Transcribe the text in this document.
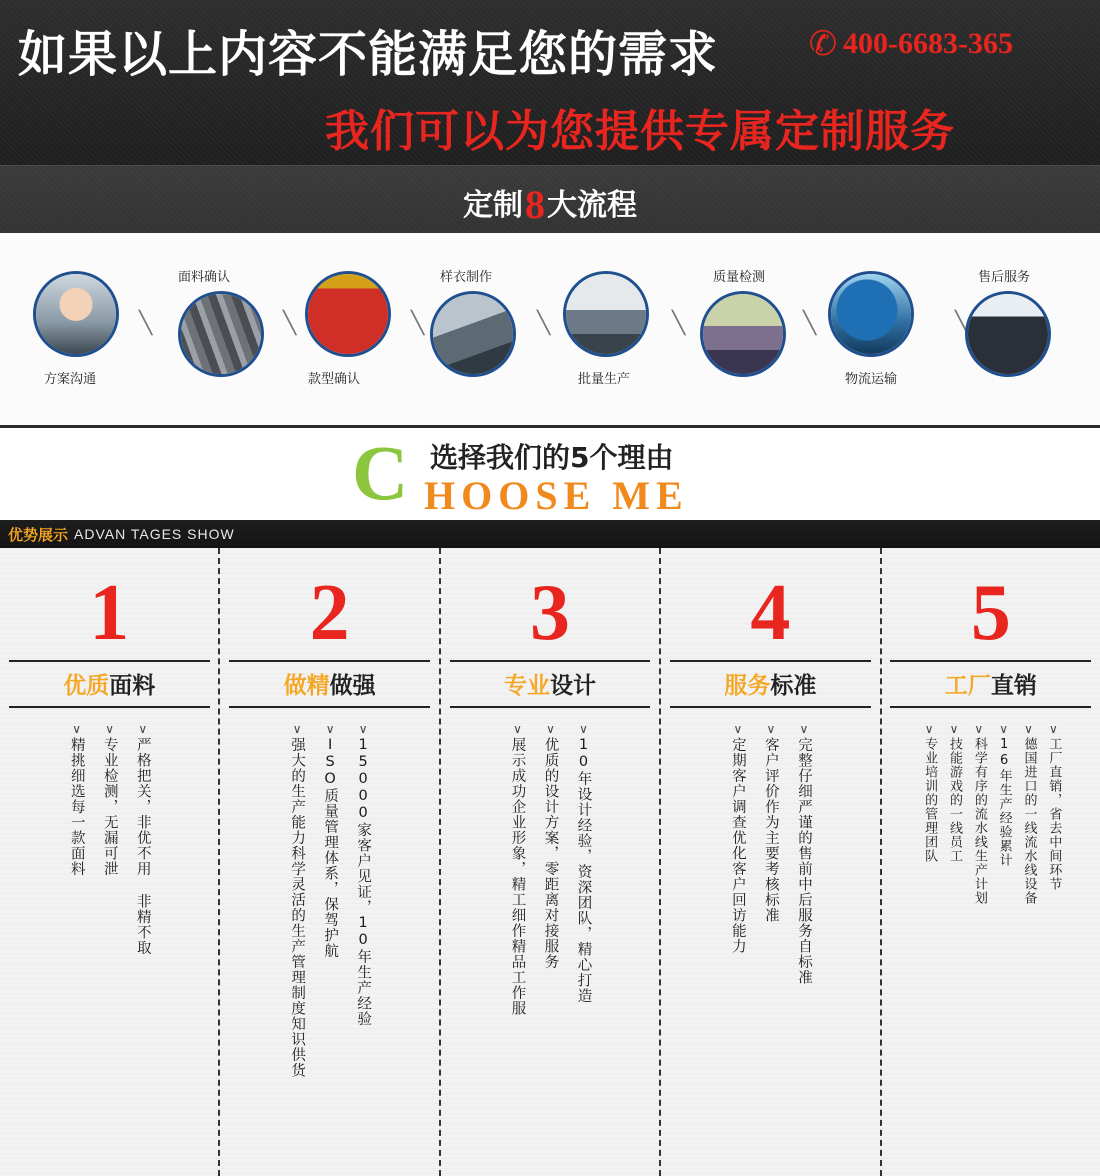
如果以上内容不能满足您的需求	✆ 400-6683-365
我们可以为您提供专属定制服务
定制8大流程
方案沟通
╲
面料确认
╲
款型确认
╲
样衣制作
╲
批量生产
╲
质量检测
╲
物流运输
╲
售后服务
C 选择我们的5个理由
HOOSE ME
优势展示 ADVAN TAGES SHOW
1
优质面料
∨严格把关，非优不用 非精不取
∨专业检测，无漏可泄
∨精挑细选每一款面料
2
做精做强
∨15000家客户见证，10年生产经验
∨ISO质量管理体系，保驾护航
∨强大的生产能力科学灵活的生产管理制度知识供货
3
专业设计
∨10年设计经验，资深团队，精心打造
∨优质的设计方案，零距离对接服务
∨展示成功企业形象，精工细作精品工作服
4
服务标准
∨完整仔细严谨的售前中后服务自标准
∨客户评价作为主要考核标准
∨定期客户调查优化客户回访能力
5
工厂直销
∨工厂直销，省去中间环节
∨德国进口的一线流水线设备
∨16年生产经验累计
∨科学有序的流水线生产计划
∨技能游戏的一线员工
∨专业培训的管理团队
